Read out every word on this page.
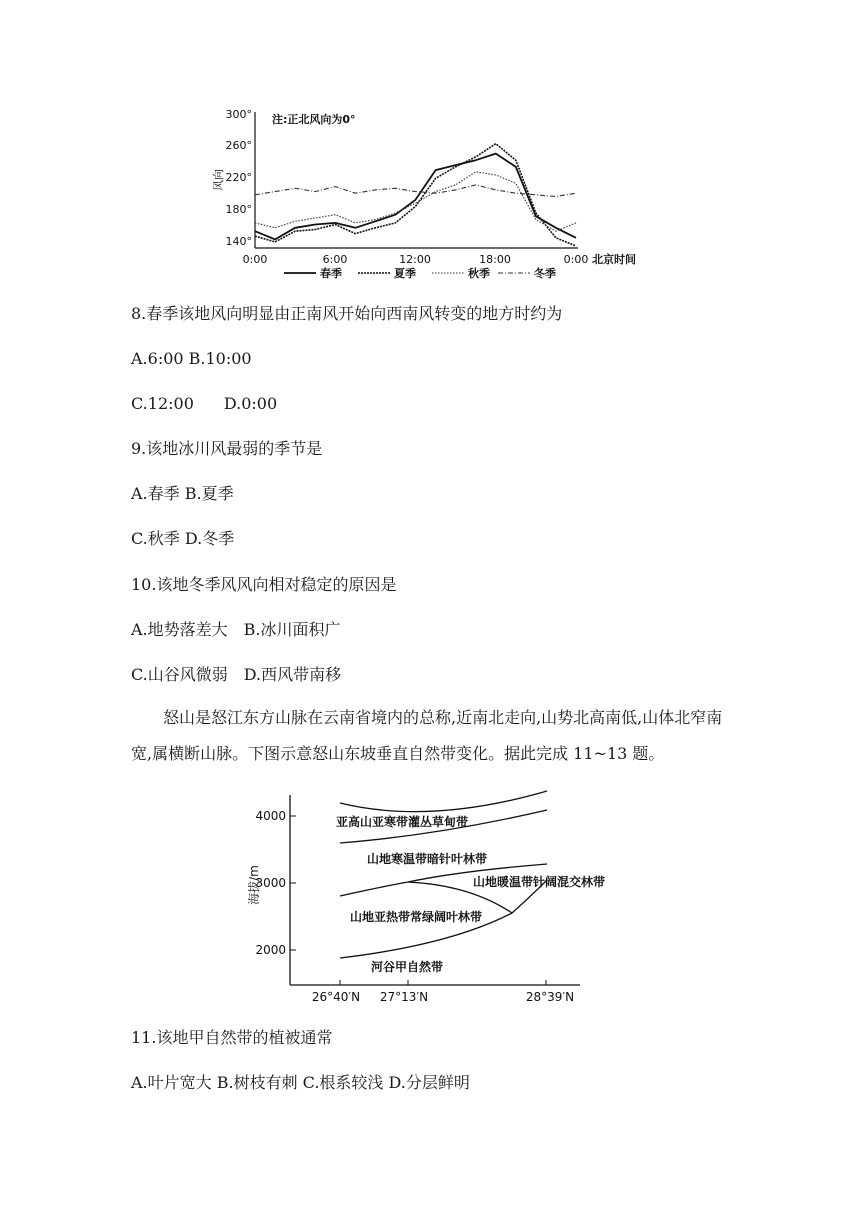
风向
300°
260°
220°
180°
140°
注:正北风向为0°
0:00	6:00	12:00	18:00	0:00 北京时间
春季	夏季	秋季	冬季
8.春季该地风向明显由正南风开始向西南风转变的地方时约为
A.6:00 B.10:00
C.12:00 D.0:00
9.该地冰川风最弱的季节是
A.春季 B.夏季
C.秋季 D.冬季
10.该地冬季风风向相对稳定的原因是
A.地势落差大 B.冰川面积广
C.山谷风微弱 D.西风带南移
怒山是怒江东方山脉在云南省境内的总称,近南北走向,山势北高南低,山体北窄南宽,属横断山脉。下图示意怒山东坡垂直自然带变化。据此完成 11~13 题。
海拔/m
4000
3000
2000
26°40′N 27°13′N	28°39′N
亚高山亚寒带灌丛草甸带
山地寒温带暗针叶林带
山地暖温带针阔混交林带
山地亚热带常绿阔叶林带
河谷甲自然带
11.该地甲自然带的植被通常
A.叶片宽大 B.树枝有刺 C.根系较浅 D.分层鲜明
